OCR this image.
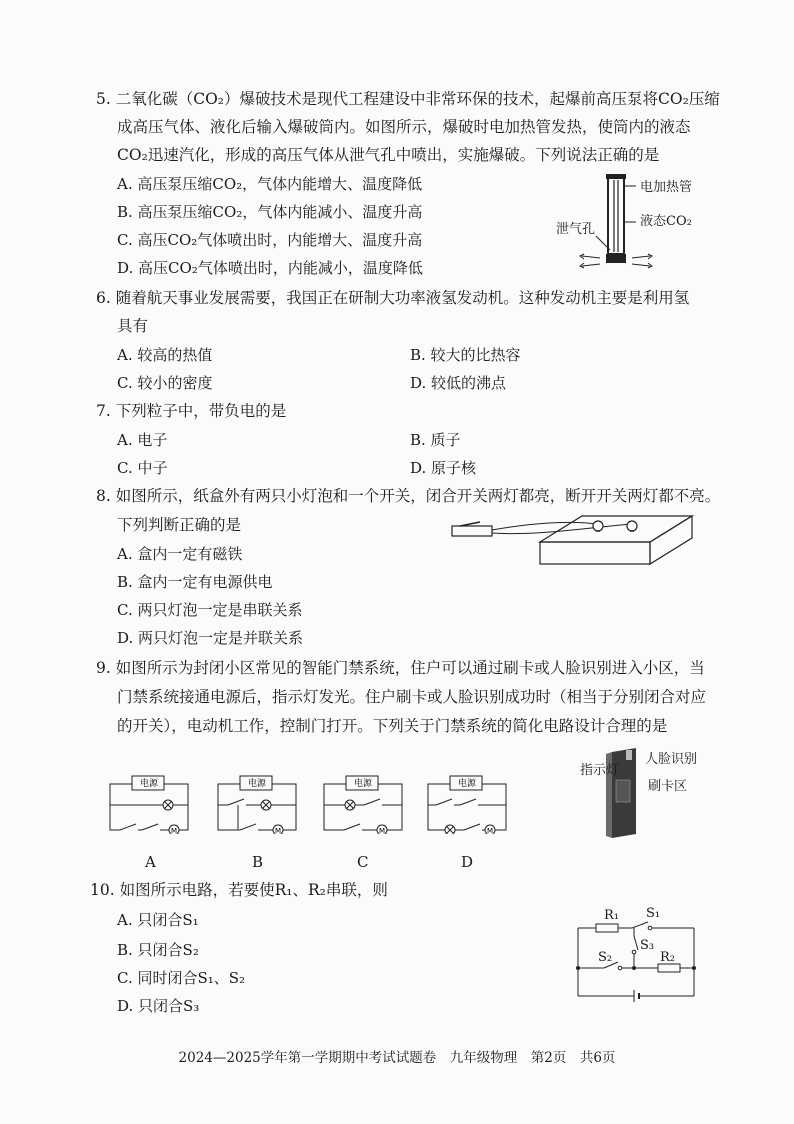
5. 二氧化碳（CO₂）爆破技术是现代工程建设中非常环保的技术，起爆前高压泵将CO₂压缩
成高压气体、液化后输入爆破筒内。如图所示，爆破时电加热管发热，使筒内的液态
CO₂迅速汽化，形成的高压气体从泄气孔中喷出，实施爆破。下列说法正确的是
A. 高压泵压缩CO₂，气体内能增大、温度降低
B. 高压泵压缩CO₂，气体内能减小、温度升高
C. 高压CO₂气体喷出时，内能增大、温度升高
D. 高压CO₂气体喷出时，内能减小，温度降低
电加热管
液态CO₂
泄气孔
6. 随着航天事业发展需要，我国正在研制大功率液氢发动机。这种发动机主要是利用氢
具有
A. 较高的热值	B. 较大的比热容
C. 较小的密度	D. 较低的沸点
7. 下列粒子中，带负电的是
A. 电子	B. 质子
C. 中子	D. 原子核
8. 如图所示，纸盒外有两只小灯泡和一个开关，闭合开关两灯都亮，断开开关两灯都不亮。
下列判断正确的是
A. 盒内一定有磁铁
B. 盒内一定有电源供电
C. 两只灯泡一定是串联关系
D. 两只灯泡一定是并联关系
9. 如图所示为封闭小区常见的智能门禁系统，住户可以通过刷卡或人脸识别进入小区，当
门禁系统接通电源后，指示灯发光。住户刷卡或人脸识别成功时（相当于分别闭合对应
的开关），电动机工作，控制门打开。下列关于门禁系统的简化电路设计合理的是
电源
M
电源
M
电源
M
电源
M
A	B	C	D
指示灯
人脸识别
刷卡区
10. 如图所示电路，若要使R₁、R₂串联，则
A. 只闭合S₁
B. 只闭合S₂
C. 同时闭合S₁、S₂
D. 只闭合S₃
R₁ S₁
S₃
S₂	R₂
2024—2025学年第一学期期中考试试题卷　九年级物理　第2页　共6页
